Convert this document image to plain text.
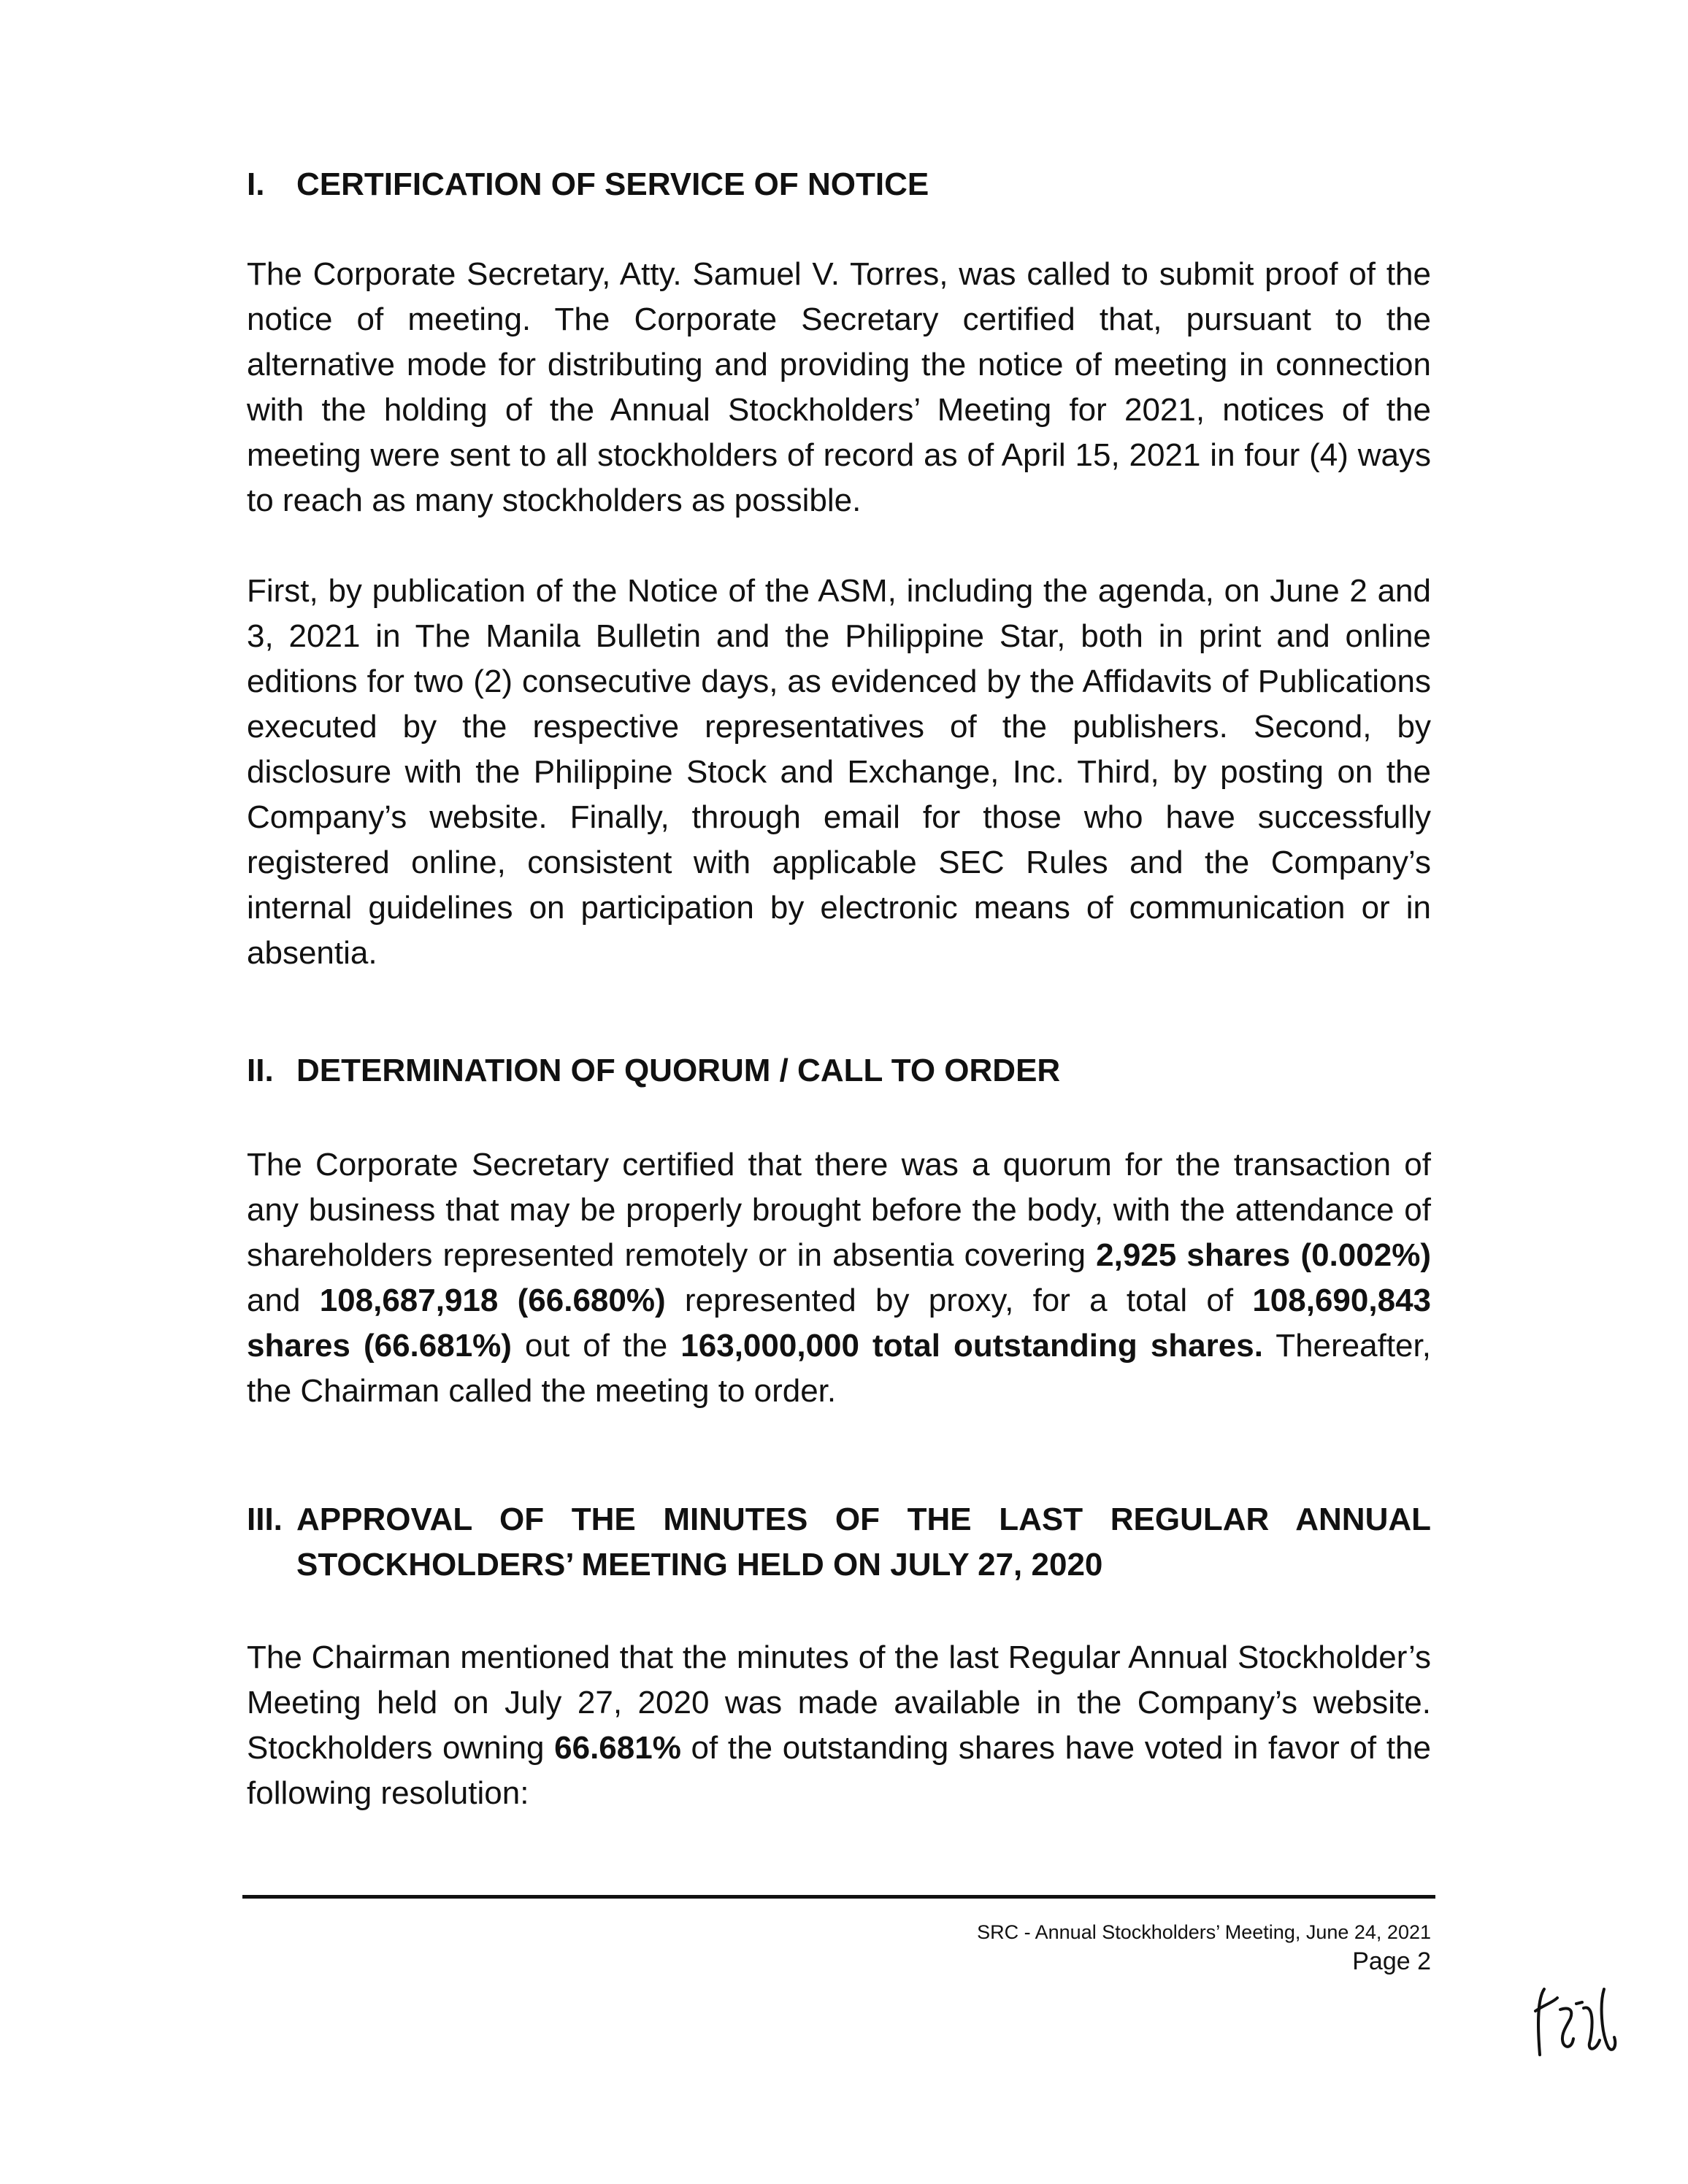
I. CERTIFICATION OF SERVICE OF NOTICE

The Corporate Secretary, Atty. Samuel V. Torres, was called to submit proof of the notice of meeting. The Corporate Secretary certified that, pursuant to the alternative mode for distributing and providing the notice of meeting in connection with the holding of the Annual Stockholders’ Meeting for 2021, notices of the meeting were sent to all stockholders of record as of April 15, 2021 in four (4) ways to reach as many stockholders as possible.

First, by publication of the Notice of the ASM, including the agenda, on June 2 and 3, 2021 in The Manila Bulletin and the Philippine Star, both in print and online editions for two (2) consecutive days, as evidenced by the Affidavits of Publications executed by the respective representatives of the publishers. Second, by disclosure with the Philippine Stock and Exchange, Inc. Third, by posting on the Company’s website. Finally, through email for those who have successfully registered online, consistent with applicable SEC Rules and the Company’s internal guidelines on participation by electronic means of communication or in absentia.

II. DETERMINATION OF QUORUM / CALL TO ORDER

The Corporate Secretary certified that there was a quorum for the transaction of any business that may be properly brought before the body, with the attendance of shareholders represented remotely or in absentia covering 2,925 shares (0.002%) and 108,687,918 (66.680%) represented by proxy, for a total of 108,690,843 shares (66.681%) out of the 163,000,000 total outstanding shares. Thereafter, the Chairman called the meeting to order.

III. APPROVAL OF THE MINUTES OF THE LAST REGULAR ANNUAL STOCKHOLDERS’ MEETING HELD ON JULY 27, 2020

The Chairman mentioned that the minutes of the last Regular Annual Stockholder’s Meeting held on July 27, 2020 was made available in the Company’s website. Stockholders owning 66.681% of the outstanding shares have voted in favor of the following resolution:

SRC - Annual Stockholders’ Meeting, June 24, 2021
Page 2
